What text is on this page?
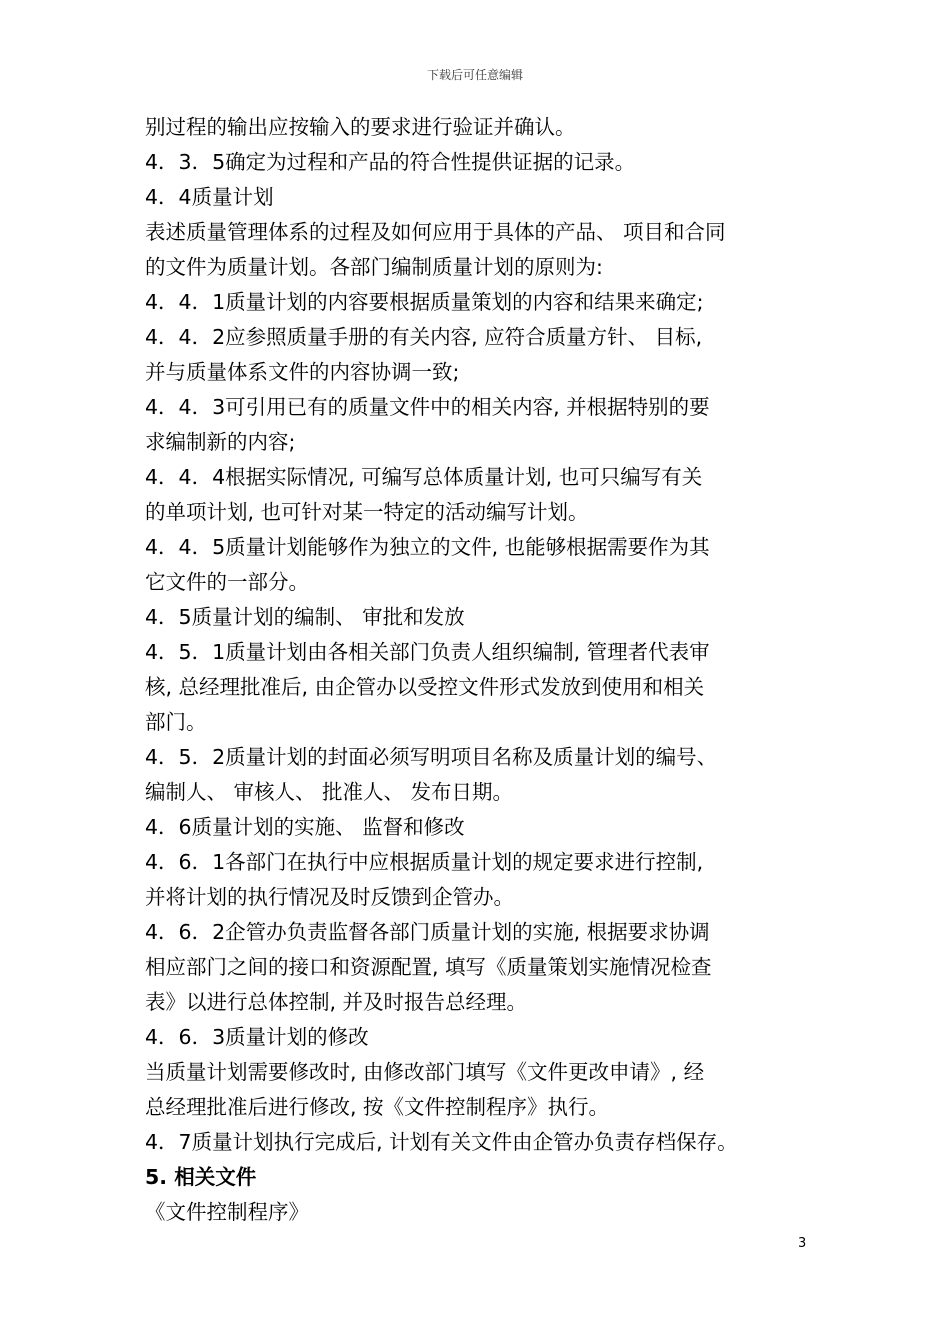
下载后可任意编辑
别过程的输出应按输入的要求进行验证并确认。
4．3．5确定为过程和产品的符合性提供证据的记录。
4．4质量计划
表述质量管理体系的过程及如何应用于具体的产品、 项目和合同
的文件为质量计划。各部门编制质量计划的原则为:
4．4．1质量计划的内容要根据质量策划的内容和结果来确定;
4．4．2应参照质量手册的有关内容, 应符合质量方针、 目标,
并与质量体系文件的内容协调一致;
4．4．3可引用已有的质量文件中的相关内容, 并根据特别的要
求编制新的内容;
4．4．4根据实际情况, 可编写总体质量计划, 也可只编写有关
的单项计划, 也可针对某一特定的活动编写计划。
4．4．5质量计划能够作为独立的文件, 也能够根据需要作为其
它文件的一部分。
4．5质量计划的编制、 审批和发放
4．5．1质量计划由各相关部门负责人组织编制, 管理者代表审
核, 总经理批准后, 由企管办以受控文件形式发放到使用和相关
部门。
4．5．2质量计划的封面必须写明项目名称及质量计划的编号、
编制人、 审核人、 批准人、 发布日期。
4．6质量计划的实施、 监督和修改
4．6．1各部门在执行中应根据质量计划的规定要求进行控制,
并将计划的执行情况及时反馈到企管办。
4．6．2企管办负责监督各部门质量计划的实施, 根据要求协调
相应部门之间的接口和资源配置, 填写《质量策划实施情况检查
表》以进行总体控制, 并及时报告总经理。
4．6．3质量计划的修改
当质量计划需要修改时, 由修改部门填写《文件更改申请》, 经
总经理批准后进行修改, 按《文件控制程序》执行。
4．7质量计划执行完成后, 计划有关文件由企管办负责存档保存。
5. 相关文件
《文件控制程序》
3
